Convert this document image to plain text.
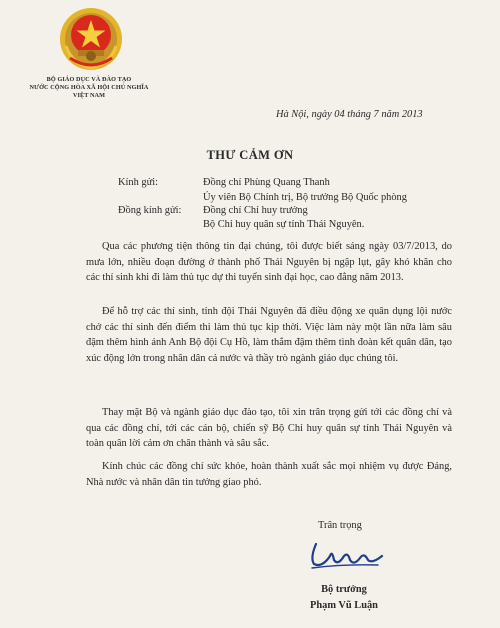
BỘ GIÁO DỤC VÀ ĐÀO TẠO
NƯỚC CỘNG HÒA XÃ HỘI CHỦ NGHĨA
VIỆT NAM
Hà Nội, ngày 04 tháng 7 năm 2013
THƯ CẢM ƠN
Kính gửi:	Đồng chí Phùng Quang Thanh
Ủy viên Bộ Chính trị, Bộ trưởng Bộ Quốc phòng
Đồng kính gửi: Đồng chí Chỉ huy trưởng
Bộ Chỉ huy quân sự tỉnh Thái Nguyên.

Qua các phương tiện thông tin đại chúng, tôi được biết sáng ngày 03/7/2013, do mưa lớn, nhiều đoạn đường ở thành phố Thái Nguyên bị ngập lụt, gây khó khăn cho các thí sinh khi đi làm thủ tục dự thi tuyển sinh đại học, cao đẳng năm 2013.

Để hỗ trợ các thí sinh, tỉnh đội Thái Nguyên đã điều động xe quân dụng lội nước chở các thí sinh đến điểm thi làm thủ tục kịp thời. Việc làm này một lần nữa làm sâu đậm thêm hình ảnh Anh Bộ đội Cụ Hồ, làm thắm đậm thêm tình đoàn kết quân dân, tạo xúc động lớn trong nhân dân cả nước và thầy trò ngành giáo dục chúng tôi.

Thay mặt Bộ và ngành giáo dục đào tạo, tôi xin trân trọng gửi tới các đồng chí và qua các đồng chí, tới các cán bộ, chiến sỹ Bộ Chỉ huy quân sự tỉnh Thái Nguyên và toàn quân lời cảm ơn chân thành và sâu sắc.

Kính chúc các đồng chí sức khỏe, hoàn thành xuất sắc mọi nhiệm vụ được Đảng, Nhà nước và nhân dân tin tưởng giao phó.

Trân trọng
Bộ trưởng
Phạm Vũ Luận
